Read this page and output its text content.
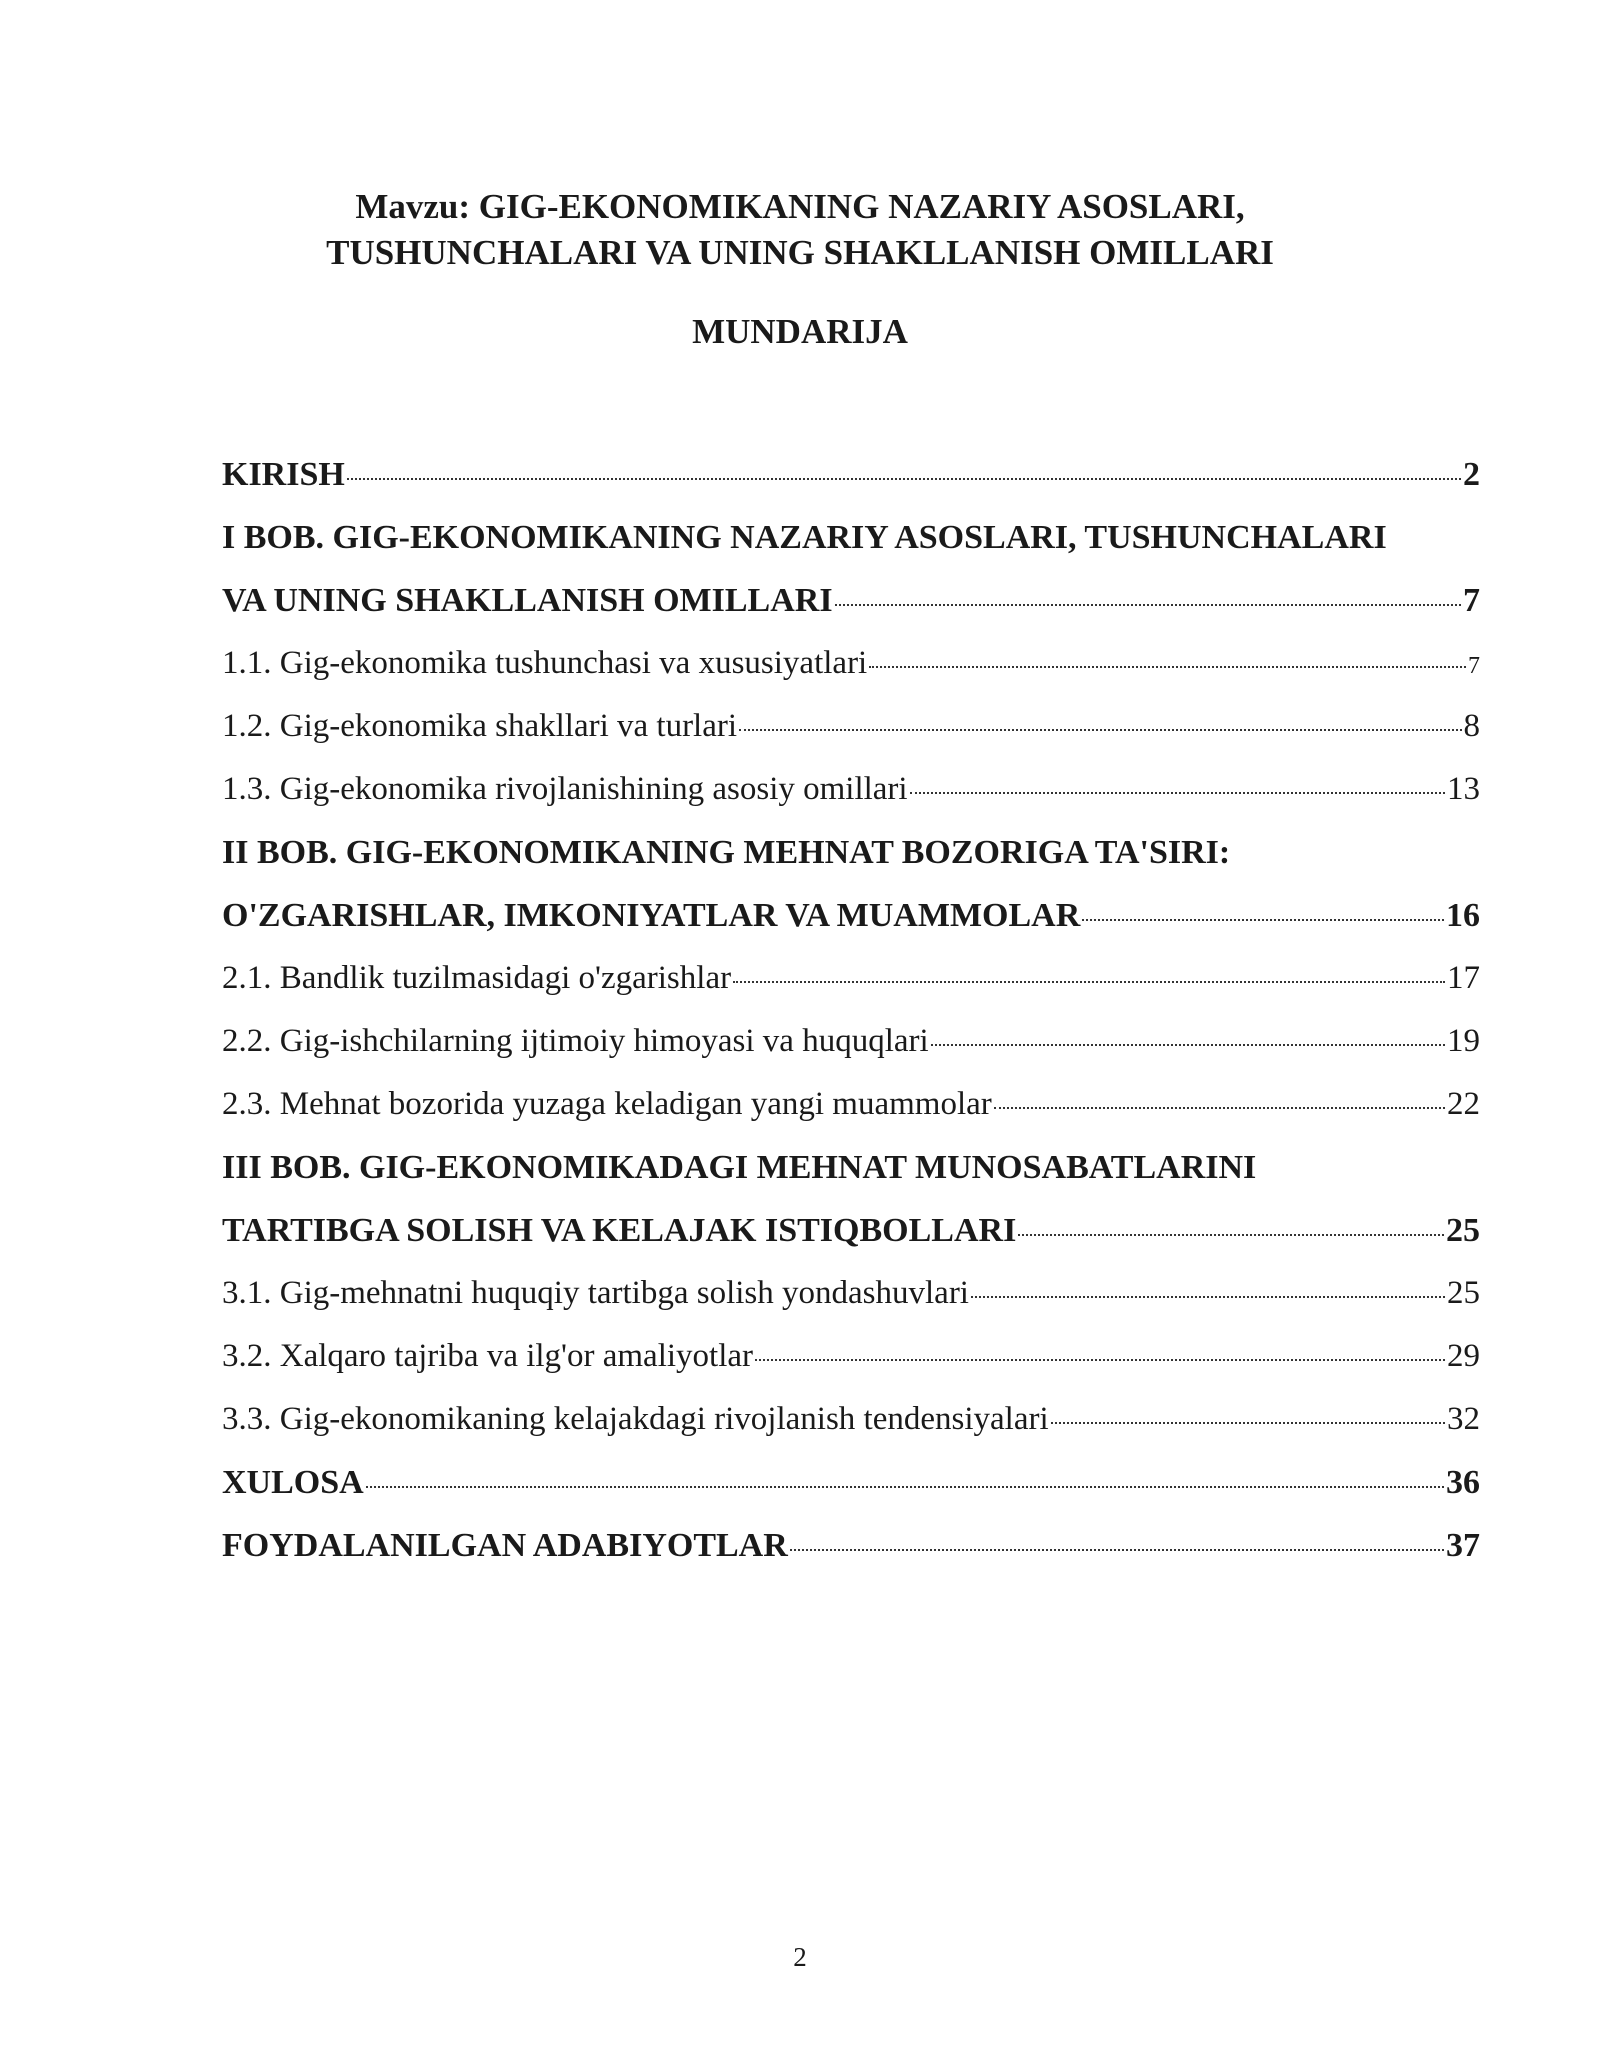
Mavzu: GIG-EKONOMIKANING NAZARIY ASOSLARI,
TUSHUNCHALARI VA UNING SHAKLLANISH OMILLARI
MUNDARIJA
KIRISH	2
I BOB. GIG-EKONOMIKANING NAZARIY ASOSLARI, TUSHUNCHALARI
VA UNING SHAKLLANISH OMILLARI	7
1.1. Gig-ekonomika tushunchasi va xususiyatlari	7
1.2. Gig-ekonomika shakllari va turlari	8
1.3. Gig-ekonomika rivojlanishining asosiy omillari	13
II BOB. GIG-EKONOMIKANING MEHNAT BOZORIGA TA'SIRI:
O'ZGARISHLAR, IMKONIYATLAR VA MUAMMOLAR	16
2.1. Bandlik tuzilmasidagi o'zgarishlar	17
2.2. Gig-ishchilarning ijtimoiy himoyasi va huquqlari	19
2.3. Mehnat bozorida yuzaga keladigan yangi muammolar	22
III BOB. GIG-EKONOMIKADAGI MEHNAT MUNOSABATLARINI
TARTIBGA SOLISH VA KELAJAK ISTIQBOLLARI	25
3.1. Gig-mehnatni huquqiy tartibga solish yondashuvlari	25
3.2. Xalqaro tajriba va ilg'or amaliyotlar	29
3.3. Gig-ekonomikaning kelajakdagi rivojlanish tendensiyalari	32
XULOSA	36
FOYDALANILGAN ADABIYOTLAR	37
2
